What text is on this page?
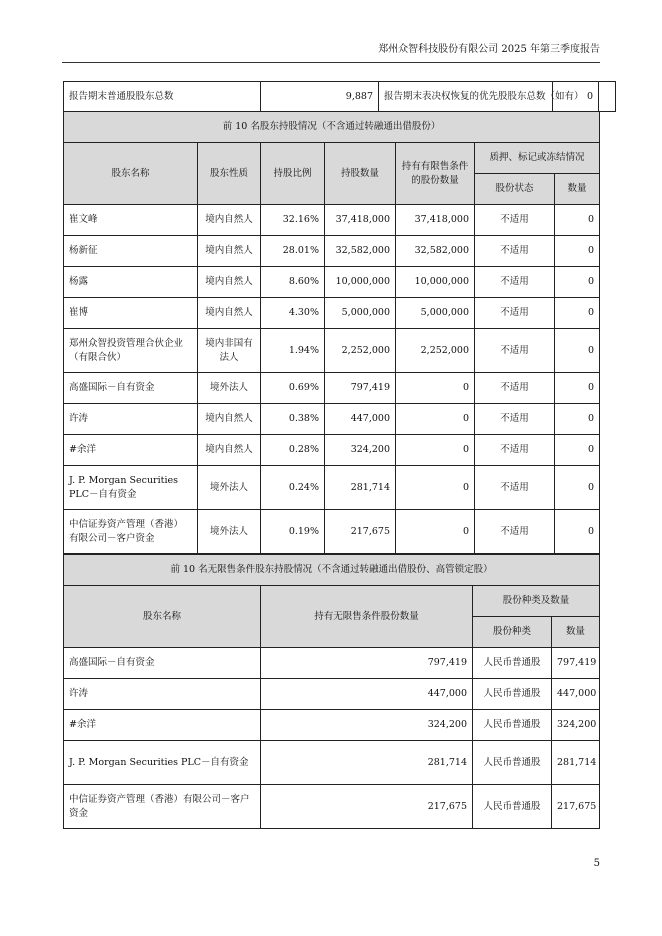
郑州众智科技股份有限公司 2025 年第三季度报告
报告期末普通股股东总数	9,887	报告期末表决权恢复的优先股股东总数（如有） 0
前 10 名股东持股情况（不含通过转融通出借股份）						
股东名称	股东性质	持股比例	持股数量	持有有限售条件的股份数量	质押、标记或冻结情况	
					股份状态	数量
崔文峰	境内自然人	32.16%	37,418,000	37,418,000	不适用	0
杨新征	境内自然人	28.01%	32,582,000	32,582,000	不适用	0
杨露	境内自然人	8.60%	10,000,000	10,000,000	不适用	0
崔博	境内自然人	4.30%	5,000,000	5,000,000	不适用	0
郑州众智投资管理合伙企业（有限合伙）	境内非国有法人	1.94%	2,252,000	2,252,000	不适用	0
高盛国际－自有资金	境外法人	0.69%	797,419	0	不适用	0
许涛	境内自然人	0.38%	447,000	0	不适用	0
#余洋	境内自然人	0.28%	324,200	0	不适用	0
J. P. Morgan Securities PLC－自有资金	境外法人	0.24%	281,714	0	不适用	0
中信证券资产管理（香港）有限公司－客户资金	境外法人	0.19%	217,675	0	不适用	0
前 10 名无限售条件股东持股情况（不含通过转融通出借股份、高管锁定股）			
股东名称	持有无限售条件股份数量	股份种类及数量	
		股份种类	数量
高盛国际－自有资金	797,419	人民币普通股	797,419
许涛	447,000	人民币普通股	447,000
#余洋	324,200	人民币普通股	324,200
J. P. Morgan Securities PLC－自有资金	281,714	人民币普通股	281,714
中信证券资产管理（香港）有限公司－客户资金	217,675	人民币普通股	217,675
5
